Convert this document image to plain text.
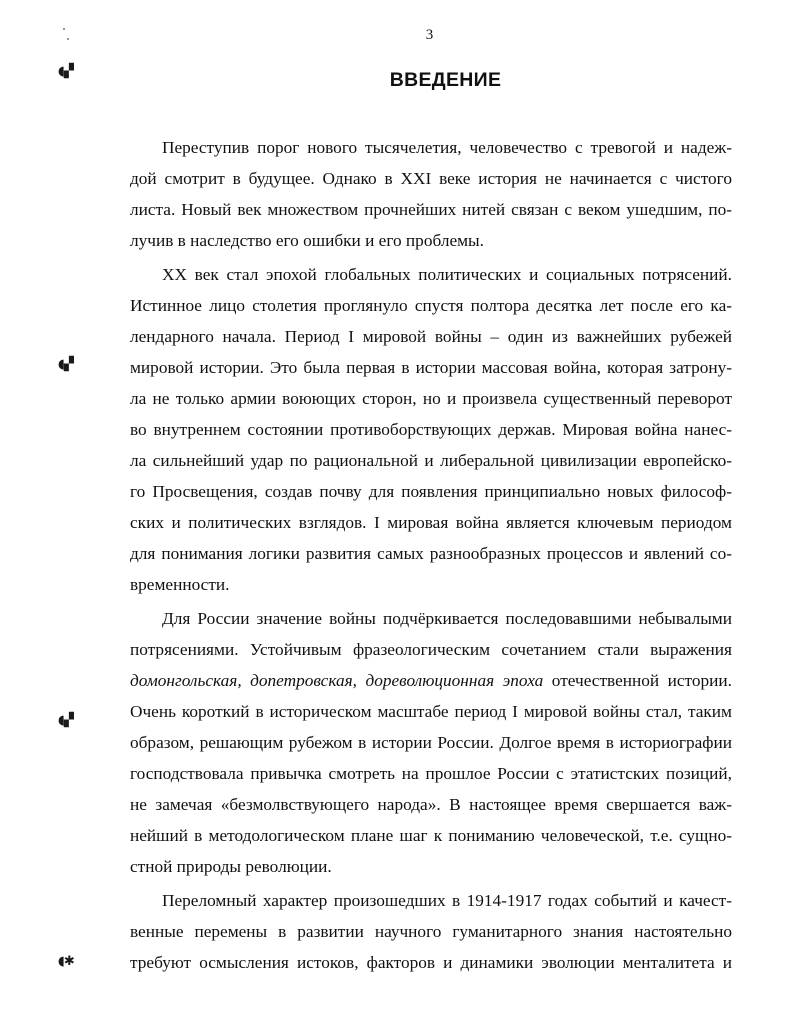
3
ВВЕДЕНИЕ
◖▞
◖▞
◖▞
◖✱

Переступив порог нового тысячелетия, человечество с тревогой и надеж-
дой смотрит в будущее. Однако в XXI веке история не начинается с чистого
листа. Новый век множеством прочнейших нитей связан с веком ушедшим, по-
лучив в наследство его ошибки и его проблемы.

XX век стал эпохой глобальных политических и социальных потрясений.
Истинное лицо столетия проглянуло спустя полтора десятка лет после его ка-
лендарного начала. Период I мировой войны – один из важнейших рубежей
мировой истории. Это была первая в истории массовая война, которая затрону-
ла не только армии воюющих сторон, но и произвела существенный переворот
во внутреннем состоянии противоборствующих держав. Мировая война нанес-
ла сильнейший удар по рациональной и либеральной цивилизации европейско-
го Просвещения, создав почву для появления принципиально новых философ-
ских и политических взглядов. I мировая война является ключевым периодом
для понимания логики развития самых разнообразных процессов и явлений со-
временности.

Для России значение войны подчёркивается последовавшими небывалыми
потрясениями. Устойчивым фразеологическим сочетанием стали выражения
домонгольская, допетровская, дореволюционная эпоха отечественной истории.
Очень короткий в историческом масштабе период I мировой войны стал, таким
образом, решающим рубежом в истории России. Долгое время в историографии
господствовала привычка смотреть на прошлое России с этатистских позиций,
не замечая «безмолвствующего народа». В настоящее время свершается важ-
нейший в методологическом плане шаг к пониманию человеческой, т.е. сущно-
стной природы революции.

Переломный характер произошедших в 1914-1917 годах событий и качест-
венные перемены в развитии научного гуманитарного знания настоятельно
требуют осмысления истоков, факторов и динамики эволюции менталитета и
